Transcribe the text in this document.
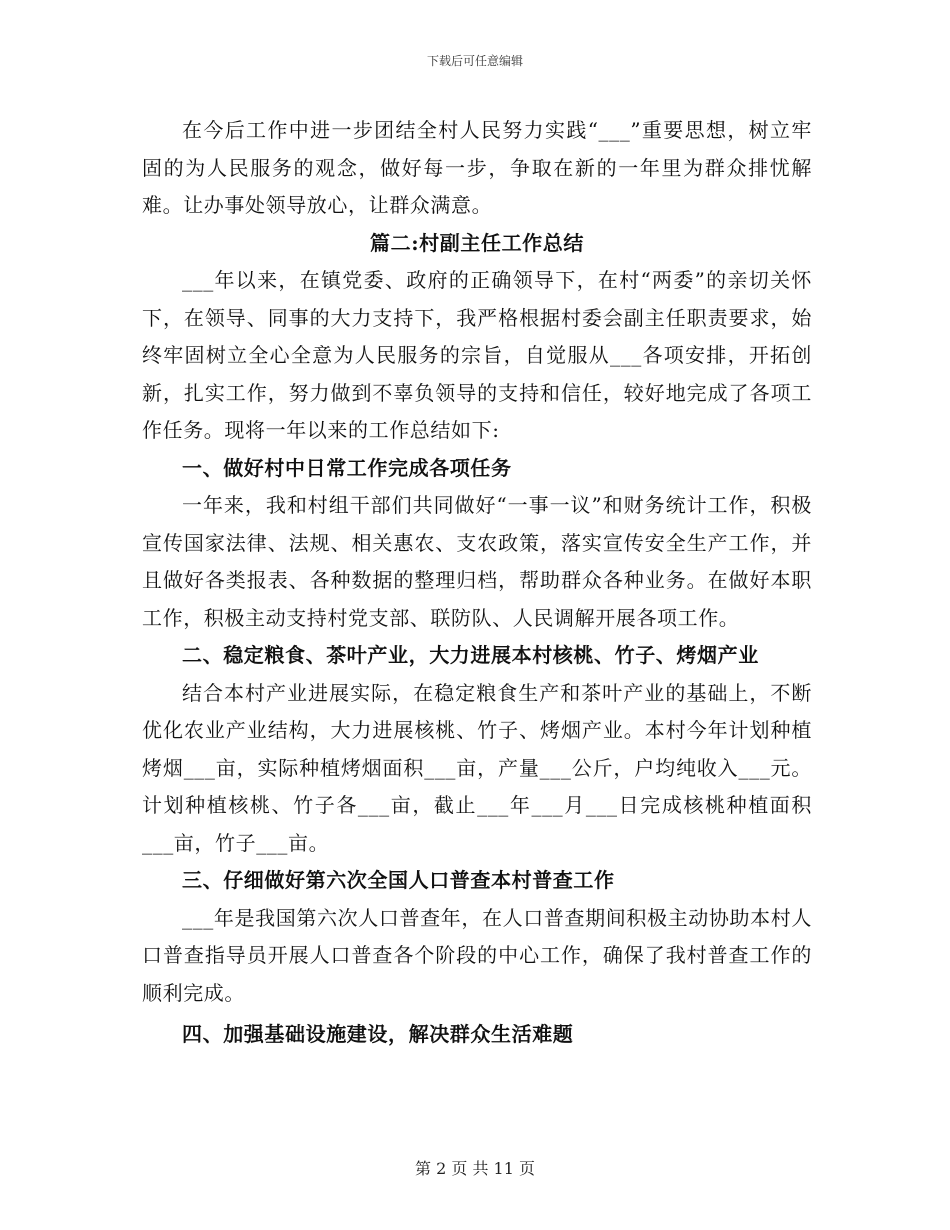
下载后可任意编辑

在今后工作中进一步团结全村人民努力实践“___”重要思想，树立牢固的为人民服务的观念，做好每一步，争取在新的一年里为群众排忧解难。让办事处领导放心，让群众满意。

篇二:村副主任工作总结

___年以来，在镇党委、政府的正确领导下，在村“两委”的亲切关怀下，在领导、同事的大力支持下，我严格根据村委会副主任职责要求，始终牢固树立全心全意为人民服务的宗旨，自觉服从___各项安排，开拓创新，扎实工作，努力做到不辜负领导的支持和信任，较好地完成了各项工作任务。现将一年以来的工作总结如下:

一、做好村中日常工作完成各项任务

一年来，我和村组干部们共同做好“一事一议”和财务统计工作，积极宣传国家法律、法规、相关惠农、支农政策，落实宣传安全生产工作，并且做好各类报表、各种数据的整理归档，帮助群众各种业务。在做好本职工作，积极主动支持村党支部、联防队、人民调解开展各项工作。

二、稳定粮食、茶叶产业，大力进展本村核桃、竹子、烤烟产业

结合本村产业进展实际，在稳定粮食生产和茶叶产业的基础上，不断优化农业产业结构，大力进展核桃、竹子、烤烟产业。本村今年计划种植烤烟___亩，实际种植烤烟面积___亩，产量___公斤，户均纯收入___元。计划种植核桃、竹子各___亩，截止___年___月___日完成核桃种植面积___亩，竹子___亩。

三、仔细做好第六次全国人口普查本村普查工作

___年是我国第六次人口普查年，在人口普查期间积极主动协助本村人口普查指导员开展人口普查各个阶段的中心工作，确保了我村普查工作的顺利完成。

四、加强基础设施建设，解决群众生活难题

第 2 页 共 11 页
